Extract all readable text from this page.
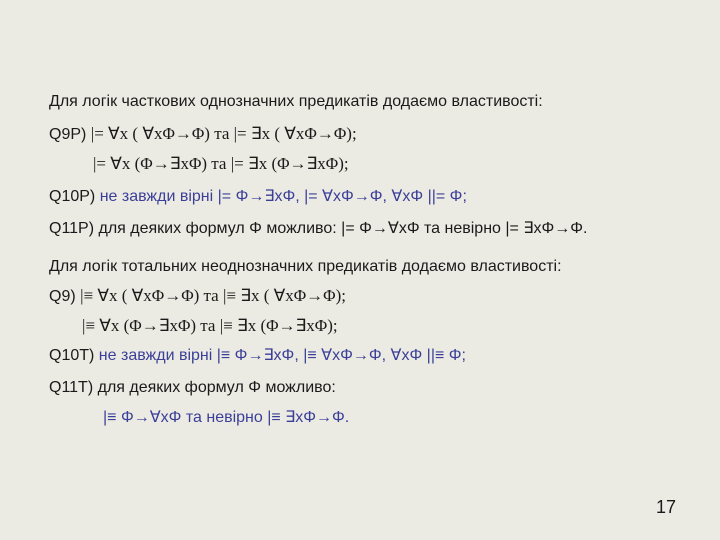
Для логік часткових однозначних предикатів додаємо властивості:
Q9P) |= ∀x ( ∀xΦ→Φ) та |= ∃x ( ∀xΦ→Φ);
|= ∀x (Φ→∃xΦ) та |= ∃x (Φ→∃xΦ);
Q10P) не завжди вірні |= Φ→∃xΦ, |= ∀xΦ→Φ, ∀xΦ ||= Φ;
Q11P) для деяких формул Φ можливо: |= Φ→∀xΦ та невірно |= ∃xΦ→Φ.
Для логік тотальних неоднозначних предикатів додаємо властивості:
Q9) |≡ ∀x ( ∀xΦ→Φ) та |≡ ∃x ( ∀xΦ→Φ);
|≡ ∀x (Φ→∃xΦ) та |≡ ∃x (Φ→∃xΦ);
Q10T) не завжди вірні |≡ Φ→∃xΦ, |≡ ∀xΦ→Φ, ∀xΦ ||≡ Φ;
Q11T) для деяких формул Φ можливо:
|≡ Φ→∀xΦ та невірно |≡ ∃xΦ→Φ.
17
